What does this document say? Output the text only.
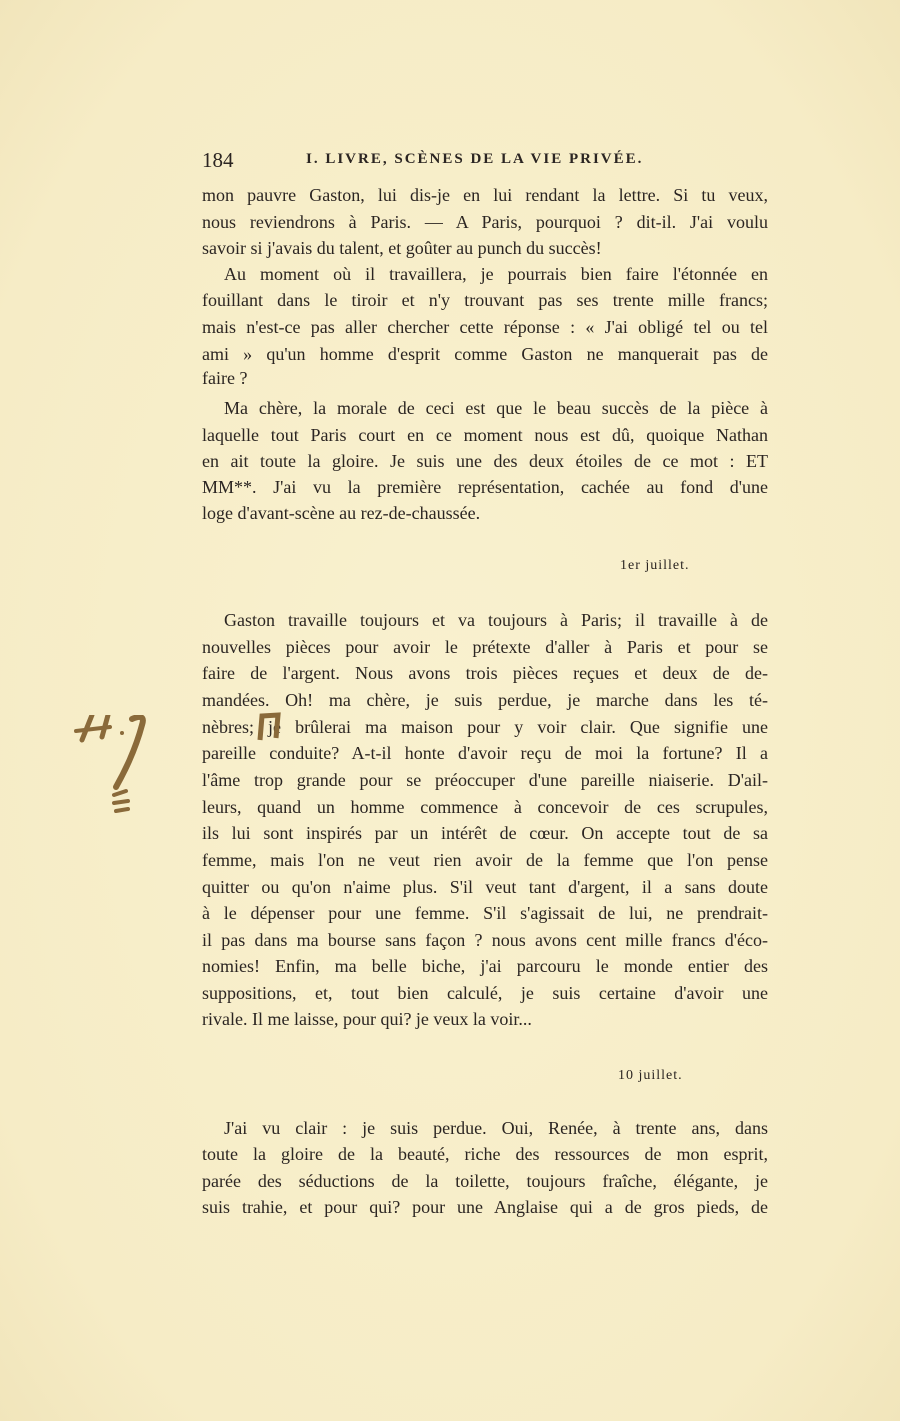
184	I. LIVRE, SCÈNES DE LA VIE PRIVÉE.
mon pauvre Gaston, lui dis-je en lui rendant la lettre. Si tu veux,
nous reviendrons à Paris. — A Paris, pourquoi ? dit-il. J'ai voulu
savoir si j'avais du talent, et goûter au punch du succès!
Au moment où il travaillera, je pourrais bien faire l'étonnée en
fouillant dans le tiroir et n'y trouvant pas ses trente mille francs;
mais n'est-ce pas aller chercher cette réponse : « J'ai obligé tel ou tel
ami » qu'un homme d'esprit comme Gaston ne manquerait pas de
faire ?
Ma chère, la morale de ceci est que le beau succès de la pièce à
laquelle tout Paris court en ce moment nous est dû, quoique Nathan
en ait toute la gloire. Je suis une des deux étoiles de ce mot : ET
MM**. J'ai vu la première représentation, cachée au fond d'une
loge d'avant-scène au rez-de-chaussée.
Gaston travaille toujours et va toujours à Paris; il travaille à de
nouvelles pièces pour avoir le prétexte d'aller à Paris et pour se
faire de l'argent. Nous avons trois pièces reçues et deux de de-
mandées. Oh! ma chère, je suis perdue, je marche dans les té-
nèbres; je brûlerai ma maison pour y voir clair. Que signifie une
pareille conduite? A-t-il honte d'avoir reçu de moi la fortune? Il a
l'âme trop grande pour se préoccuper d'une pareille niaiserie. D'ail-
leurs, quand un homme commence à concevoir de ces scrupules,
ils lui sont inspirés par un intérêt de cœur. On accepte tout de sa
femme, mais l'on ne veut rien avoir de la femme que l'on pense
quitter ou qu'on n'aime plus. S'il veut tant d'argent, il a sans doute
à le dépenser pour une femme. S'il s'agissait de lui, ne prendrait-
il pas dans ma bourse sans façon ? nous avons cent mille francs d'éco-
nomies! Enfin, ma belle biche, j'ai parcouru le monde entier des
suppositions, et, tout bien calculé, je suis certaine d'avoir une
rivale. Il me laisse, pour qui? je veux la voir...
J'ai vu clair : je suis perdue. Oui, Renée, à trente ans, dans
toute la gloire de la beauté, riche des ressources de mon esprit,
parée des séductions de la toilette, toujours fraîche, élégante, je
suis trahie, et pour qui? pour une Anglaise qui a de gros pieds, de
1er juillet.
10 juillet.
